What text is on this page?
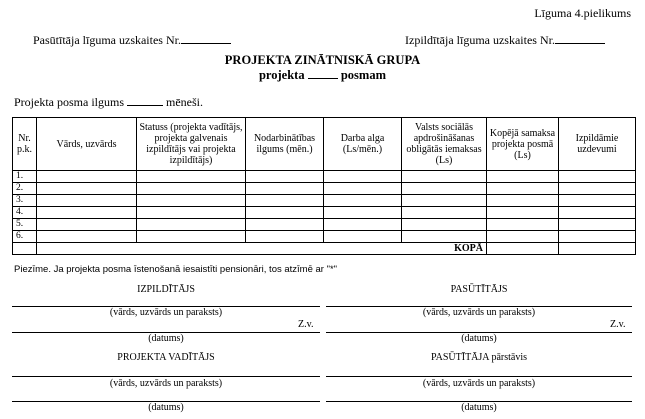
Līguma 4.pielikums
Pasūtītāja līguma uzskaites Nr.	Izpildītāja līguma uzskaites Nr.
PROJEKTA ZINĀTNISKĀ GRUPA
projekta	posmam
Projekta posma ilgums	mēneši.
Nr. p.k.	Vārds, uzvārds	Statuss (projekta vadītājs, projekta galvenais izpildītājs vai projekta izpildītājs)	Nodarbinātības ilgums (mēn.)	Darba alga (Ls/mēn.)	Valsts sociālās apdrošināšanas obligātās iemaksas (Ls)	Kopējā samaksa projekta posmā (Ls)	Izpildāmie uzdevumi
1.							
2.							
3.							
4.							
5.							
6.							
	KOPĀ						
Piezīme. Ja projekta posma īstenošanā iesaistīti pensionāri, tos atzīmē ar "*"
IZPILDĪTĀJS
(vārds, uzvārds un paraksts)
Z.v.
(datums)
PROJEKTA VADĪTĀJS
(vārds, uzvārds un paraksts)
(datums)
PASŪTĪTĀJS
(vārds, uzvārds un paraksts)
Z.v.
(datums)
PASŪTĪTĀJA pārstāvis
(vārds, uzvārds un paraksts)
(datums)
